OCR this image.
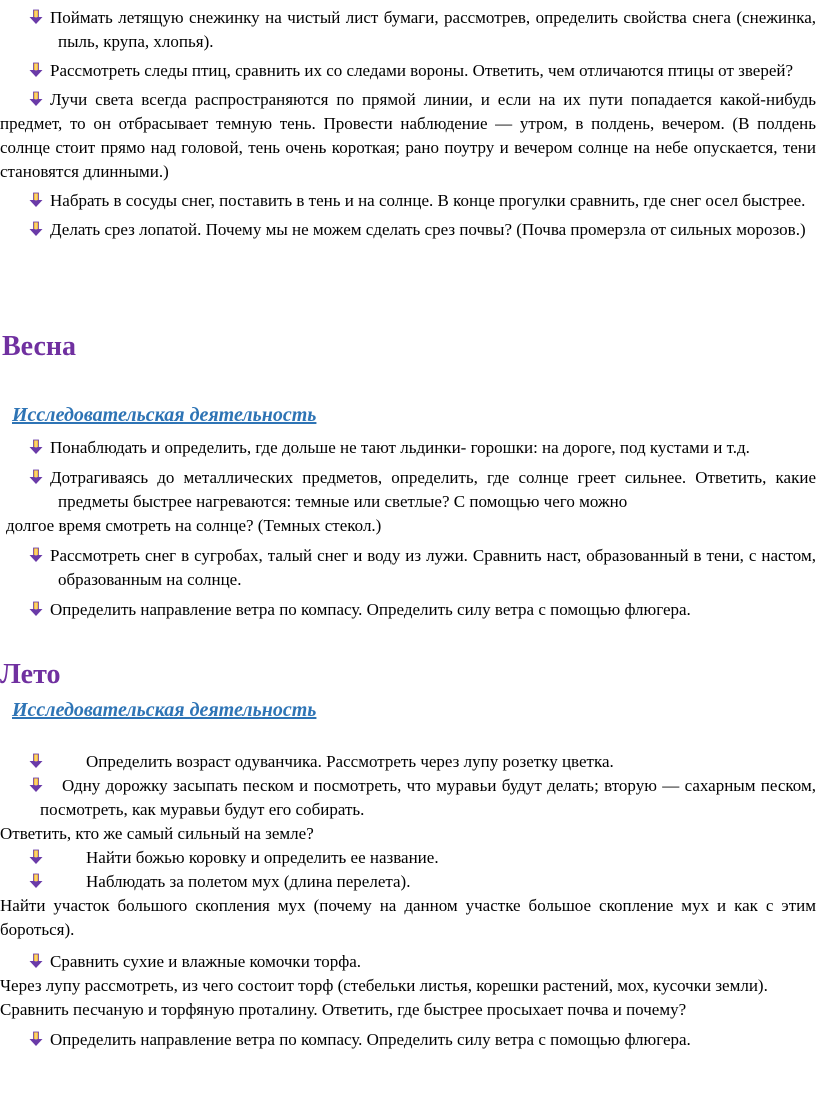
Поймать летящую снежинку на чистый лист бумаги, рассмотрев, определить свойства снега (снежинка, пыль, крупа, хлопья).

Рассмотреть следы птиц, сравнить их со следами вороны. Ответить, чем отличаются птицы от зверей?

Лучи света всегда распространяются по прямой линии, и если на их пути попадается какой-нибудь предмет, то он отбрасывает темную тень. Провести наблюдение — утром, в полдень, вечером. (В полдень солнце стоит прямо над головой, тень очень короткая; рано поутру и вечером солнце на небе опускается, тени становятся длинными.)

Набрать в сосуды снег, поставить в тень и на солнце. В конце прогулки сравнить, где снег осел быстрее.

Делать срез лопатой. Почему мы не можем сделать срез почвы? (Почва промерзла от сильных морозов.)

Весна
Исследовательская деятельность

Понаблюдать и определить, где дольше не тают льдинки- горошки: на дороге, под кустами и т.д.

Дотрагиваясь до металлических предметов, определить, где солнце греет сильнее. Ответить, какие предметы быстрее нагреваются: темные или светлые? С помощью чего можно

долгое время смотреть на солнце? (Темных стекол.)

Рассмотреть снег в сугробах, талый снег и воду из лужи. Сравнить наст, образованный в тени, с настом, образованным на солнце.

Определить направление ветра по компасу. Определить силу ветра с помощью флюгера.

Лето
Исследовательская деятельность

Определить возраст одуванчика. Рассмотреть через лупу розетку цветка.

Одну дорожку засыпать песком и посмотреть, что муравьи будут делать; вторую — сахарным песком, посмотреть, как муравьи будут его собирать.

Ответить, кто же самый сильный на земле?

Найти божью коровку и определить ее название.

Наблюдать за полетом мух (длина перелета).

Найти участок большого скопления мух (почему на данном участке большое скопление мух и как с этим бороться).

Сравнить сухие и влажные комочки торфа.

Через лупу рассмотреть, из чего состоит торф (стебельки листья, корешки растений, мох, кусочки земли).

Сравнить песчаную и торфяную проталину. Ответить, где быстрее просыхает почва и почему?

Определить направление ветра по компасу. Определить силу ветра с помощью флюгера.
